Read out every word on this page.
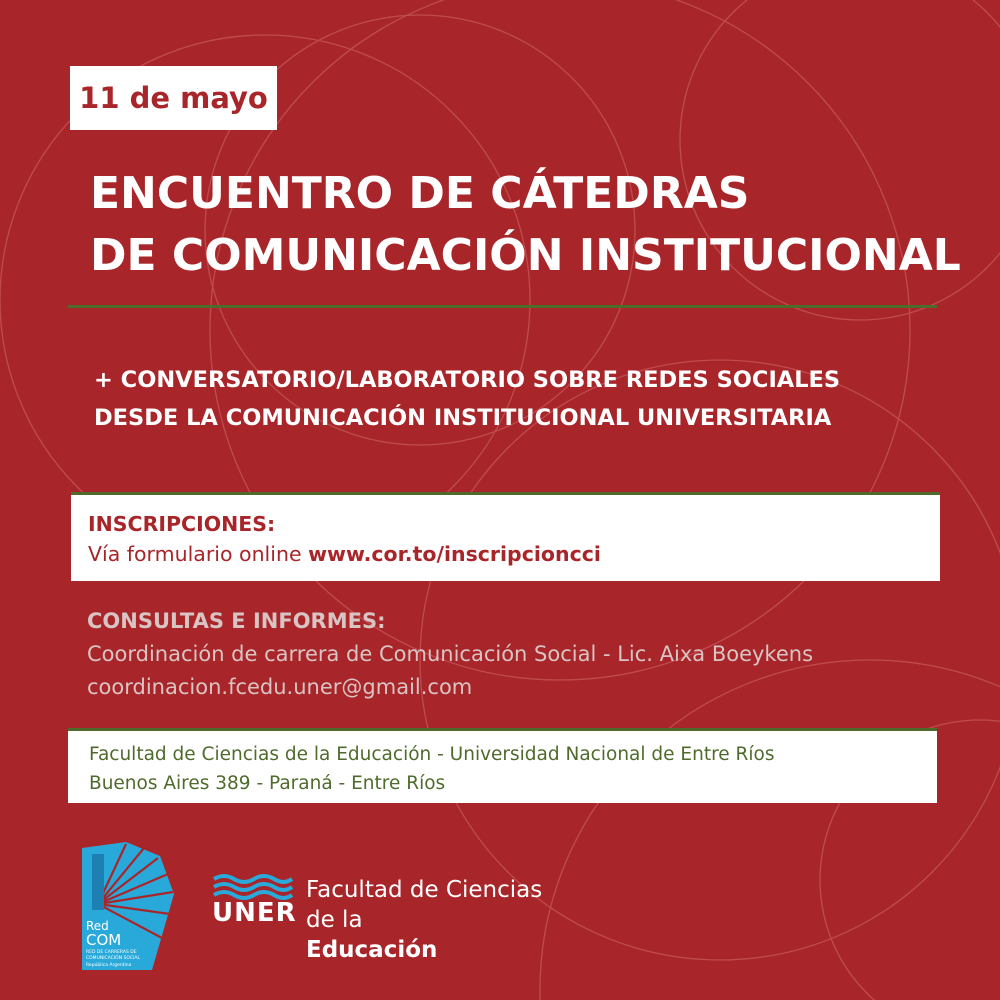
11 de mayo
ENCUENTRO DE CÁTEDRAS
DE COMUNICACIÓN INSTITUCIONAL
+ CONVERSATORIO/LABORATORIO SOBRE REDES SOCIALES
DESDE LA COMUNICACIÓN INSTITUCIONAL UNIVERSITARIA
INSCRIPCIONES:
Vía formulario online www.cor.to/inscripcioncci
CONSULTAS E INFORMES:
Coordinación de carrera de Comunicación Social - Lic. Aixa Boeykens
coordinacion.fcedu.uner@gmail.com
Facultad de Ciencias de la Educación - Universidad Nacional de Entre Ríos
Buenos Aires 389 - Paraná - Entre Ríos
Red
COM
RED DE CARRERAS DE
COMUNICACIÓN SOCIAL
República Argentina
UNER
Facultad de Ciencias
de la
Educación
